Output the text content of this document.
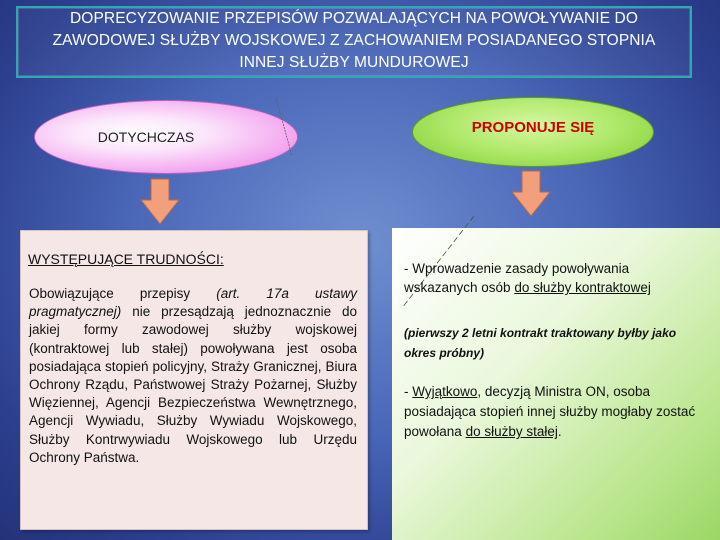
DOPRECYZOWANIE PRZEPISÓW POZWALAJĄCYCH NA POWOŁYWANIE DO
ZAWODOWEJ SŁUŻBY WOJSKOWEJ Z ZACHOWANIEM POSIADANEGO STOPNIA
INNEJ SŁUŻBY MUNDUROWEJ
DOTYCHCZAS
PROPONUJE SIĘ
WYSTĘPUJĄCE TRUDNOŚCI:
Obowiązujące przepisy (art. 17a ustawy pragmatycznej) nie przesądzają jednoznacznie do jakiej formy zawodowej służby wojskowej (kontraktowej lub stałej) powoływana jest osoba posiadająca stopień policyjny, Straży Granicznej, Biura Ochrony Rządu, Państwowej Straży Pożarnej, Służby Więziennej, Agencji Bezpieczeństwa Wewnętrznego, Agencji Wywiadu, Służby Wywiadu Wojskowego, Służby Kontrwywiadu Wojskowego lub Urzędu Ochrony Państwa.
- Wprowadzenie zasady powoływania wskazanych osób do służby kontraktowej
(pierwszy 2 letni kontrakt traktowany byłby jako okres próbny)
- Wyjątkowo, decyzją Ministra ON, osoba posiadająca stopień innej służby mogłaby zostać powołana do służby stałej.
